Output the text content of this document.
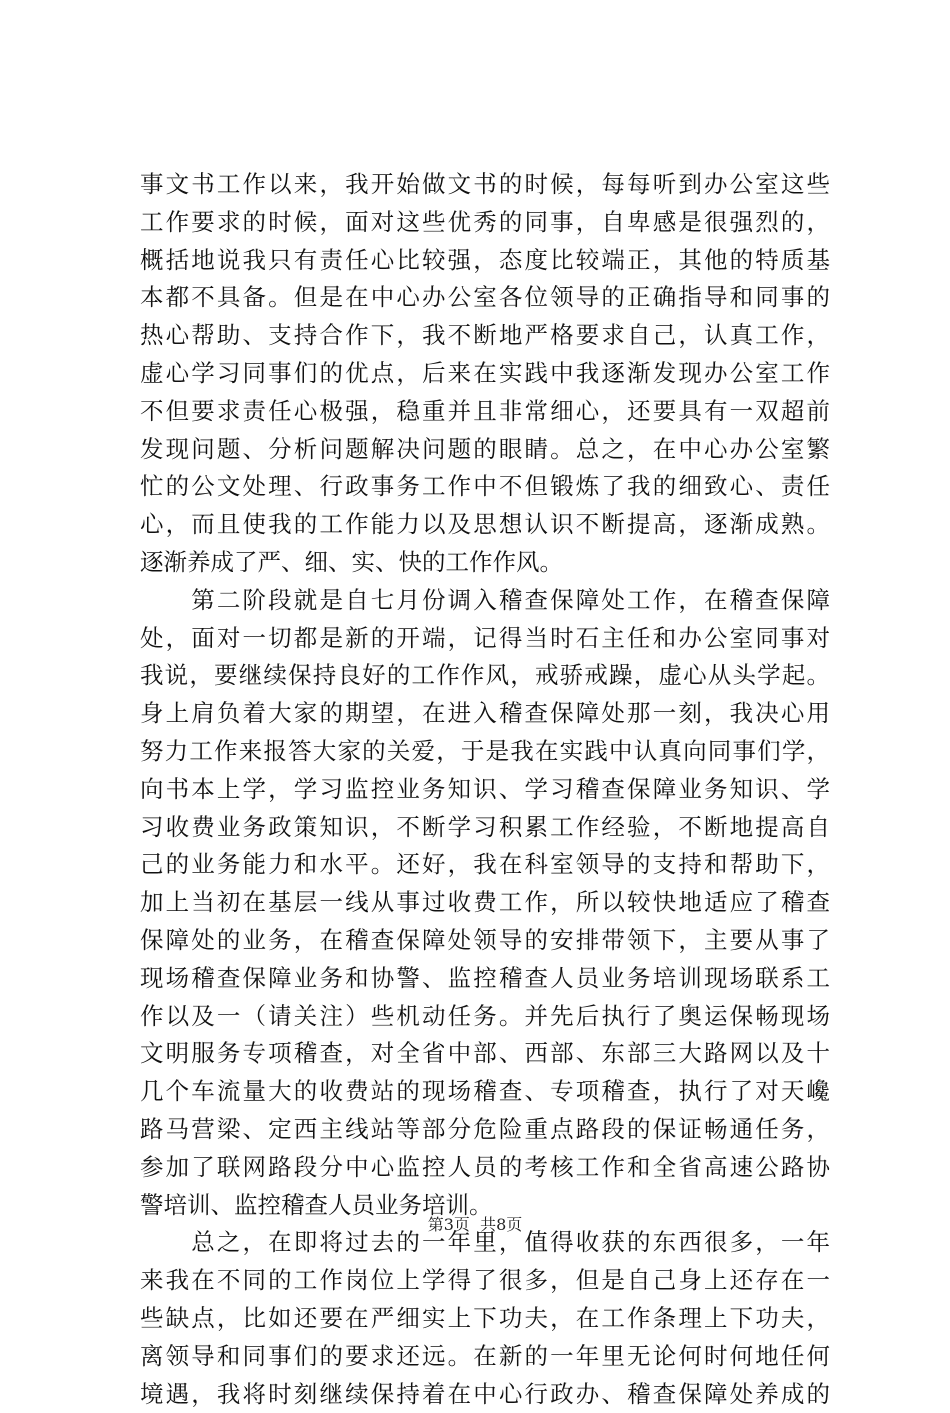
事文书工作以来，我开始做文书的时候，每每听到办公室这些
工作要求的时候，面对这些优秀的同事，自卑感是很强烈的，
概括地说我只有责任心比较强，态度比较端正，其他的特质基
本都不具备。但是在中心办公室各位领导的正确指导和同事的
热心帮助、支持合作下，我不断地严格要求自己，认真工作，
虚心学习同事们的优点，后来在实践中我逐渐发现办公室工作
不但要求责任心极强，稳重并且非常细心，还要具有一双超前
发现问题、分析问题解决问题的眼睛。总之，在中心办公室繁
忙的公文处理、行政事务工作中不但锻炼了我的细致心、责任
心，而且使我的工作能力以及思想认识不断提高，逐渐成熟。
逐渐养成了严、细、实、快的工作作风。
　　第二阶段就是自七月份调入稽查保障处工作，在稽查保障
处，面对一切都是新的开端，记得当时石主任和办公室同事对
我说，要继续保持良好的工作作风，戒骄戒躁，虚心从头学起。
身上肩负着大家的期望，在进入稽查保障处那一刻，我决心用
努力工作来报答大家的关爱，于是我在实践中认真向同事们学，
向书本上学，学习监控业务知识、学习稽查保障业务知识、学
习收费业务政策知识，不断学习积累工作经验，不断地提高自
己的业务能力和水平。还好，我在科室领导的支持和帮助下，
加上当初在基层一线从事过收费工作，所以较快地适应了稽查
保障处的业务，在稽查保障处领导的安排带领下，主要从事了
现场稽查保障业务和协警、监控稽查人员业务培训现场联系工
作以及一（请关注）些机动任务。并先后执行了奥运保畅现场
文明服务专项稽查，对全省中部、西部、东部三大路网以及十
几个车流量大的收费站的现场稽查、专项稽查，执行了对天巉
路马营梁、定西主线站等部分危险重点路段的保证畅通任务，
参加了联网路段分中心监控人员的考核工作和全省高速公路协
警培训、监控稽查人员业务培训。
　　总之，在即将过去的一年里，值得收获的东西很多，一年
来我在不同的工作岗位上学得了很多，但是自己身上还存在一
些缺点，比如还要在严细实上下功夫，在工作条理上下功夫，
离领导和同事们的要求还远。在新的一年里无论何时何地任何
境遇，我将时刻继续保持着在中心行政办、稽查保障处养成的
第3页  共8页
